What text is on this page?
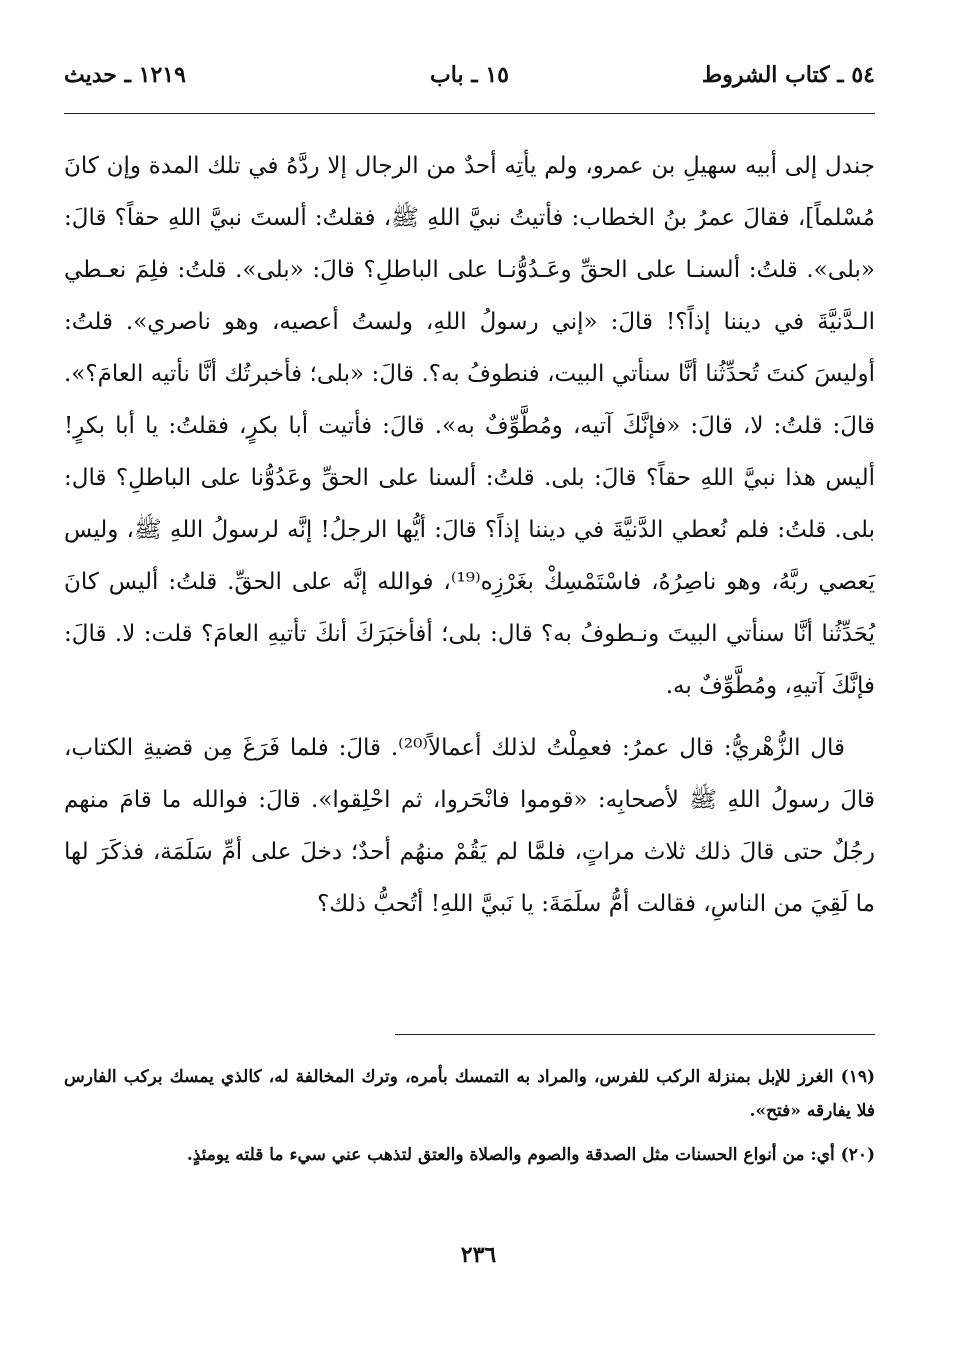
٥٤ ـ كتاب الشروط
١٥ ـ باب
١٢١٩ ـ حديث

جندل إلى أبيه سهيلِ بن عمرو، ولم يأتِه أحدٌ من الرجال إلا ردَّهُ في تلك المدة وإن كانَ مُسْلماً]، فقالَ عمرُ بنُ الخطاب: فأتيتُ نبيَّ اللهِ ﷺ، فقلتُ: ألستَ نبيَّ اللهِ حقاً؟ قالَ: «بلى». قلتُ: ألسنـا على الحقِّ وعَـدُوُّنـا على الباطلِ؟ قالَ: «بلى». قلتُ: فلِمَ نعـطي الـدَّنيَّةَ في ديننا إذاً؟! قالَ: «إني رسولُ اللهِ، ولستُ أعصيه، وهو ناصري». قلتُ: أوليسَ كنتَ تُحدِّثُنا أنَّا سنأتي البيت، فنطوفُ به؟. قالَ: «بلى؛ فأخبرتُك أنَّا نأتيه العامَ؟». قالَ: قلتُ: لا، قالَ: «فإنَّكَ آتيه، ومُطَّوِّفٌ به». قالَ: فأتيت أبا بكرٍ، فقلتُ: يا أبا بكرٍ! أليس هذا نبيَّ اللهِ حقاً؟ قالَ: بلى. قلتُ: ألسنا على الحقِّ وعَدُوُّنا على الباطلِ؟ قال: بلى. قلتُ: فلم نُعطي الدَّنيَّةَ في ديننا إذاً؟ قالَ: أيُّها الرجلُ! إنَّه لرسولُ اللهِ ﷺ، وليس يَعصي ربَّهُ، وهو ناصِرُهُ، فاسْتَمْسِكْ بغَرْزِه⁽¹⁹⁾، فوالله إنَّه على الحقِّ. قلتُ: أليس كانَ يُحَدِّثُنا أنَّا سنأتي البيتَ ونـطوفُ به؟ قال: بلى؛ أفأخبَرَكَ أنكَ تأتيهِ العامَ؟ قلت: لا. قالَ: فإنَّكَ آتيهِ، ومُطَّوِّفٌ به.

قال الزُّهْريُّ: قال عمرُ: فعمِلْتُ لذلك أعمالاً⁽²⁰⁾. قالَ: فلما فَرَغَ مِن قضيةِ الكتاب، قالَ رسولُ اللهِ ﷺ لأصحابِه: «قوموا فانْحَروا، ثم احْلِقوا». قالَ: فوالله ما قامَ منهم رجُلٌ حتى قالَ ذلك ثلاث مراتٍ، فلمَّا لم يَقُمْ منهُم أحدٌ؛ دخلَ على أمِّ سَلَمَة، فذكَرَ لها ما لَقِيَ من الناسِ، فقالت أمُّ سلَمَةَ: يا نَبيَّ اللهِ! أتُحبُّ ذلك؟

(١٩) الغرز للإبل بمنزلة الركب للفرس، والمراد به التمسك بأمره، وترك المخالفة له، كالذي يمسك بركب الفارس فلا يفارقه «فتح».

(٢٠) أي: من أنواع الحسنات مثل الصدقة والصوم والصلاة والعتق لتذهب عني سيء ما قلته يومئذٍ.

٢٣٦
